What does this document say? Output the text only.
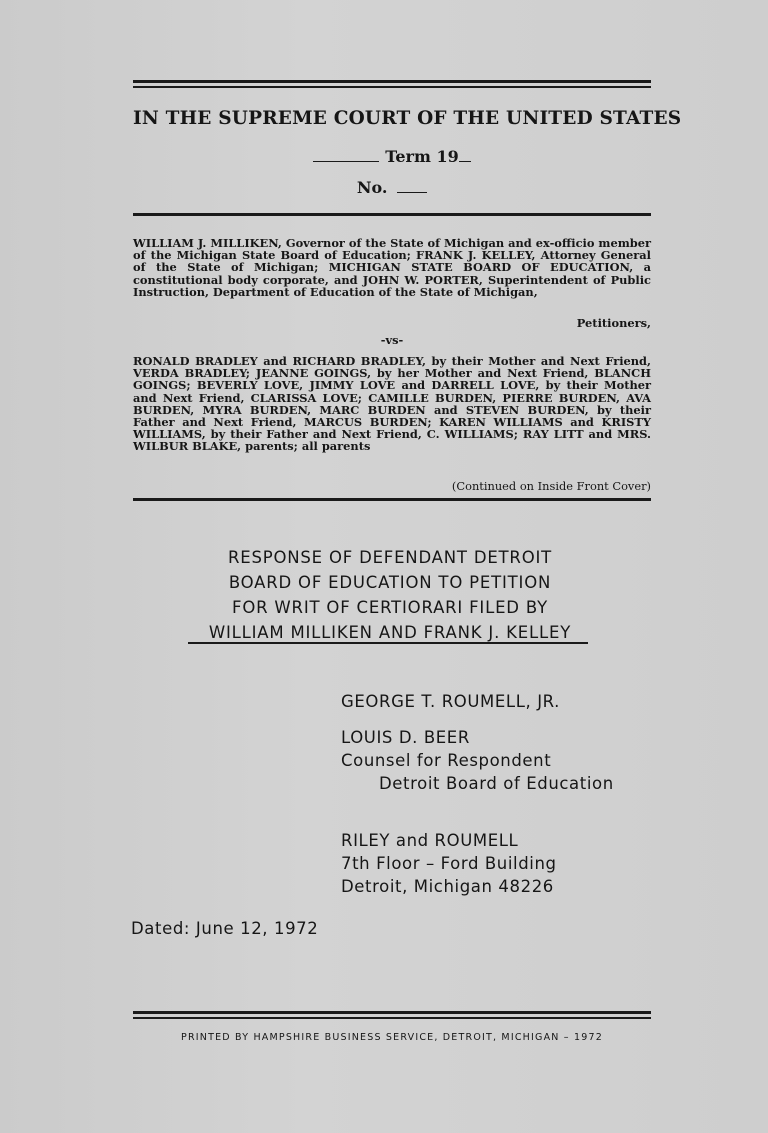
IN THE SUPREME COURT OF THE UNITED STATES
Term 19
No.
WILLIAM J. MILLIKEN, Governor of the State of Michigan and ex-officio member of the Michigan State Board of Education; FRANK J. KELLEY, Attorney General of the State of Michigan; MICHIGAN STATE BOARD OF EDUCATION, a constitutional body corporate, and JOHN W. PORTER, Superintendent of Public Instruction, Department of Education of the State of Michigan,
Petitioners,
-vs-
RONALD BRADLEY and RICHARD BRADLEY, by their Mother and Next Friend, VERDA BRADLEY; JEANNE GOINGS, by her Mother and Next Friend, BLANCH GOINGS; BEVERLY LOVE, JIMMY LOVE and DARRELL LOVE, by their Mother and Next Friend, CLARISSA LOVE; CAMILLE BURDEN, PIERRE BURDEN, AVA BURDEN, MYRA BURDEN, MARC BURDEN and STEVEN BURDEN, by their Father and Next Friend, MARCUS BURDEN; KAREN WILLIAMS and KRISTY WILLIAMS, by their Father and Next Friend, C. WILLIAMS; RAY LITT and MRS. WILBUR BLAKE, parents; all parents
(Continued on Inside Front Cover)
RESPONSE OF DEFENDANT DETROIT
BOARD OF EDUCATION TO PETITION
FOR WRIT OF CERTIORARI FILED BY
WILLIAM MILLIKEN AND FRANK J. KELLEY
GEORGE T. ROUMELL, JR.
LOUIS D. BEER
Counsel for Respondent
Detroit Board of Education
RILEY and ROUMELL
7th Floor – Ford Building
Detroit, Michigan 48226
Dated: June 12, 1972
PRINTED BY HAMPSHIRE BUSINESS SERVICE, DETROIT, MICHIGAN – 1972
